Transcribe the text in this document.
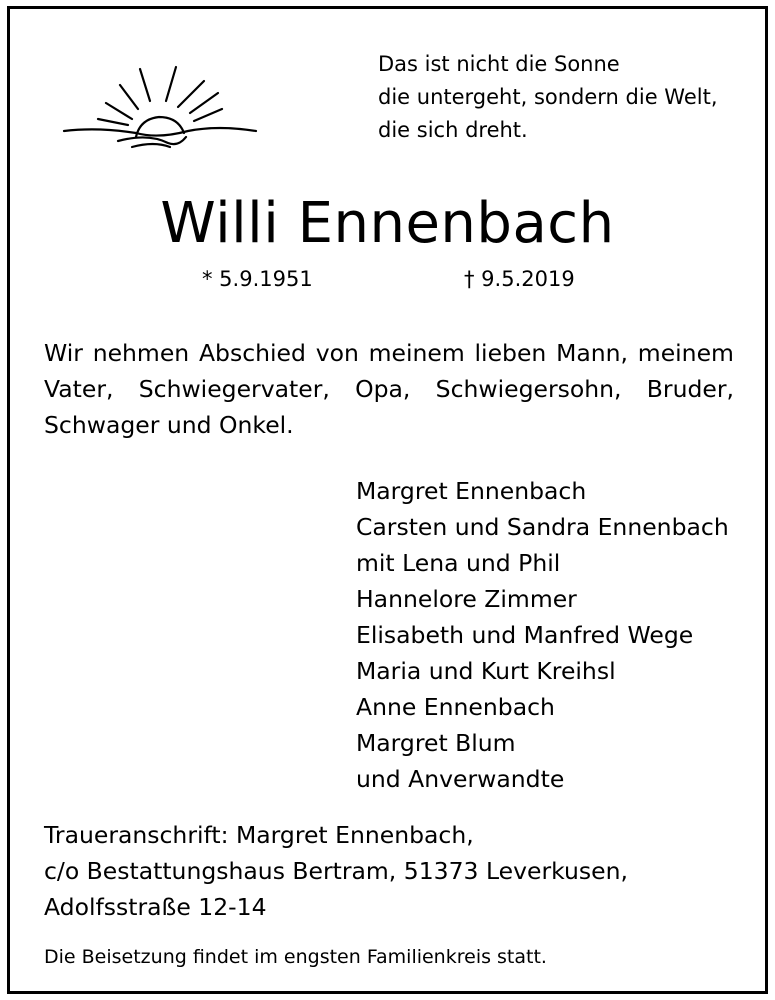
Das ist nicht die Sonne
die untergeht, sondern die Welt,
die sich dreht.
Willi Ennenbach
* 5.9.1951	† 9.5.2019
Wir nehmen Abschied von meinem lieben Mann, meinem
Vater, Schwiegervater, Opa, Schwiegersohn, Bruder,
Schwager und Onkel.
Margret Ennenbach
Carsten und Sandra Ennenbach
mit Lena und Phil
Hannelore Zimmer
Elisabeth und Manfred Wege
Maria und Kurt Kreihsl
Anne Ennenbach
Margret Blum
und Anverwandte
Traueranschrift: Margret Ennenbach,
c/o Bestattungshaus Bertram, 51373 Leverkusen,
Adolfsstraße 12-14
Die Beisetzung findet im engsten Familienkreis statt.
